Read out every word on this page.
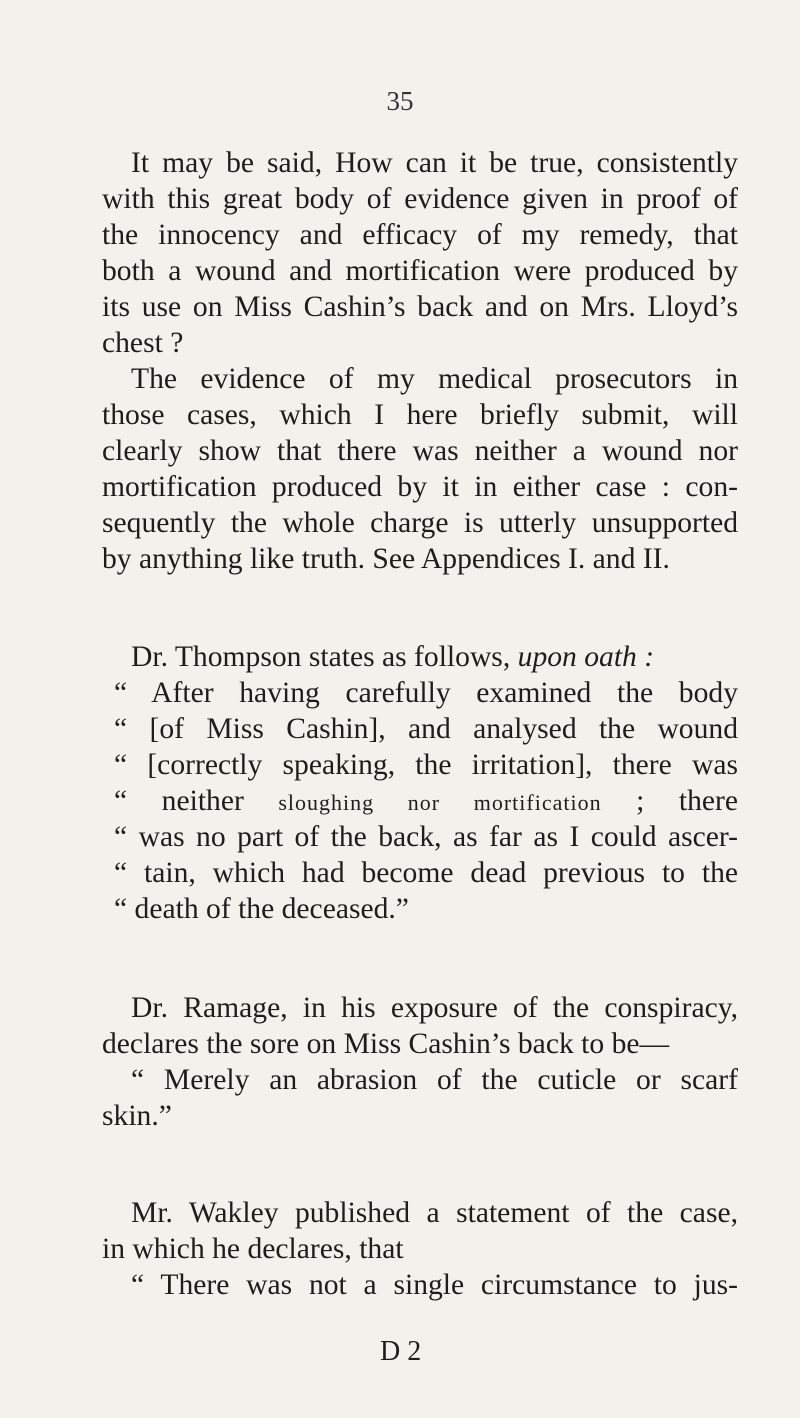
35
It may be said, How can it be true, consistently
with this great body of evidence given in proof of
the innocency and efficacy of my remedy, that
both a wound and mortification were produced by
its use on Miss Cashin’s back and on Mrs. Lloyd’s
chest ?
The evidence of my medical prosecutors in
those cases, which I here briefly submit, will
clearly show that there was neither a wound nor
mortification produced by it in either case : con-
sequently the whole charge is utterly unsupported
by anything like truth. See Appendices I. and II.
Dr. Thompson states as follows, upon oath :
“ After having carefully examined the body
“ [of Miss Cashin], and analysed the wound
“ [correctly speaking, the irritation], there was
“ neither sloughing nor mortification ; there
“ was no part of the back, as far as I could ascer-
“ tain, which had become dead previous to the
“ death of the deceased.”
Dr. Ramage, in his exposure of the conspiracy,
declares the sore on Miss Cashin’s back to be—
“ Merely an abrasion of the cuticle or scarf
skin.”
Mr. Wakley published a statement of the case,
in which he declares, that
“ There was not a single circumstance to jus-
D 2
